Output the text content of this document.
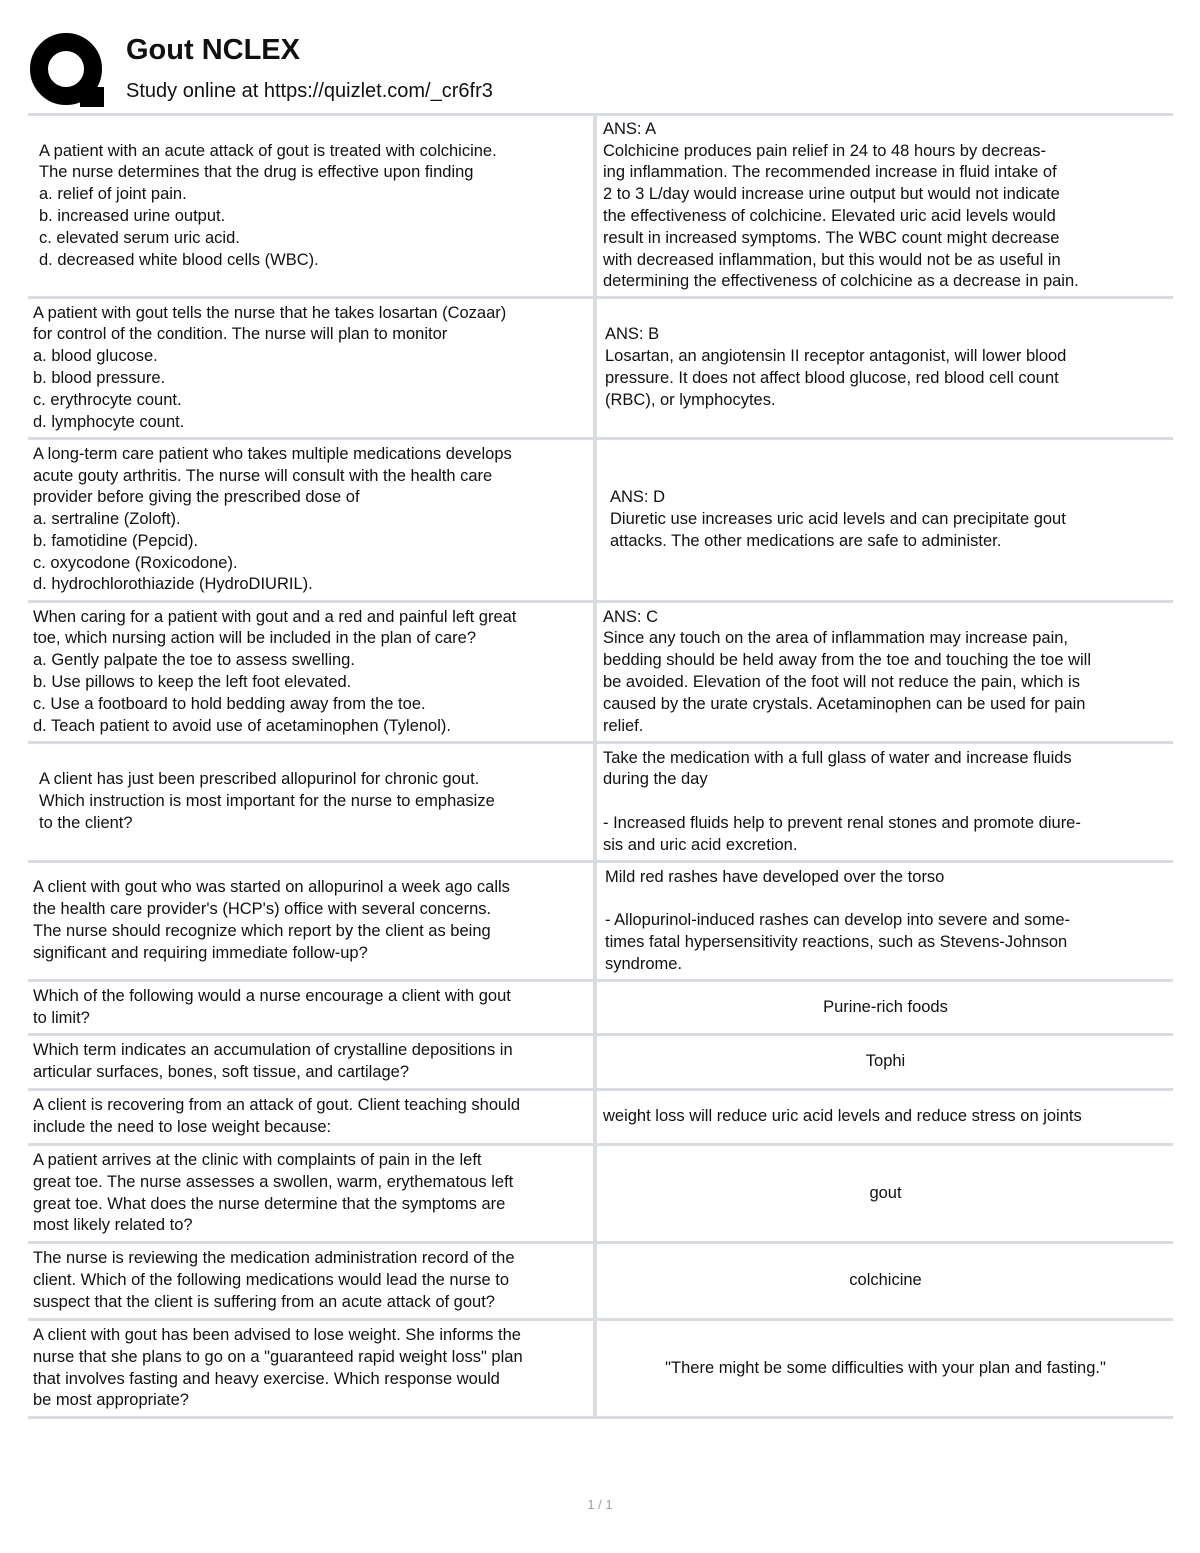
Gout NCLEX
Study online at https://quizlet.com/_cr6fr3
A patient with an acute attack of gout is treated with colchicine.
The nurse determines that the drug is effective upon finding
a. relief of joint pain.
b. increased urine output.
c. elevated serum uric acid.
d. decreased white blood cells (WBC).
ANS: A
Colchicine produces pain relief in 24 to 48 hours by decreas-
ing inflammation. The recommended increase in fluid intake of
2 to 3 L/day would increase urine output but would not indicate
the effectiveness of colchicine. Elevated uric acid levels would
result in increased symptoms. The WBC count might decrease
with decreased inflammation, but this would not be as useful in
determining the effectiveness of colchicine as a decrease in pain.
A patient with gout tells the nurse that he takes losartan (Cozaar)
for control of the condition. The nurse will plan to monitor
a. blood glucose.
b. blood pressure.
c. erythrocyte count.
d. lymphocyte count.
ANS: B
Losartan, an angiotensin II receptor antagonist, will lower blood
pressure. It does not affect blood glucose, red blood cell count
(RBC), or lymphocytes.
A long-term care patient who takes multiple medications develops
acute gouty arthritis. The nurse will consult with the health care
provider before giving the prescribed dose of
a. sertraline (Zoloft).
b. famotidine (Pepcid).
c. oxycodone (Roxicodone).
d. hydrochlorothiazide (HydroDIURIL).
ANS: D
Diuretic use increases uric acid levels and can precipitate gout
attacks. The other medications are safe to administer.
When caring for a patient with gout and a red and painful left great
toe, which nursing action will be included in the plan of care?
a. Gently palpate the toe to assess swelling.
b. Use pillows to keep the left foot elevated.
c. Use a footboard to hold bedding away from the toe.
d. Teach patient to avoid use of acetaminophen (Tylenol).
ANS: C
Since any touch on the area of inflammation may increase pain,
bedding should be held away from the toe and touching the toe will
be avoided. Elevation of the foot will not reduce the pain, which is
caused by the urate crystals. Acetaminophen can be used for pain
relief.
A client has just been prescribed allopurinol for chronic gout.
Which instruction is most important for the nurse to emphasize
to the client?
Take the medication with a full glass of water and increase fluids
during the day

- Increased fluids help to prevent renal stones and promote diure-
sis and uric acid excretion.
A client with gout who was started on allopurinol a week ago calls
the health care provider's (HCP's) office with several concerns.
The nurse should recognize which report by the client as being
significant and requiring immediate follow-up?
Mild red rashes have developed over the torso

- Allopurinol-induced rashes can develop into severe and some-
times fatal hypersensitivity reactions, such as Stevens-Johnson
syndrome.
Which of the following would a nurse encourage a client with gout
to limit?
Purine-rich foods
Which term indicates an accumulation of crystalline depositions in
articular surfaces, bones, soft tissue, and cartilage?
Tophi
A client is recovering from an attack of gout. Client teaching should
include the need to lose weight because:
weight loss will reduce uric acid levels and reduce stress on joints
A patient arrives at the clinic with complaints of pain in the left
great toe. The nurse assesses a swollen, warm, erythematous left
great toe. What does the nurse determine that the symptoms are
most likely related to?
gout
The nurse is reviewing the medication administration record of the
client. Which of the following medications would lead the nurse to
suspect that the client is suffering from an acute attack of gout?
colchicine
A client with gout has been advised to lose weight. She informs the
nurse that she plans to go on a "guaranteed rapid weight loss" plan
that involves fasting and heavy exercise. Which response would
be most appropriate?
"There might be some difficulties with your plan and fasting."
1 / 1
